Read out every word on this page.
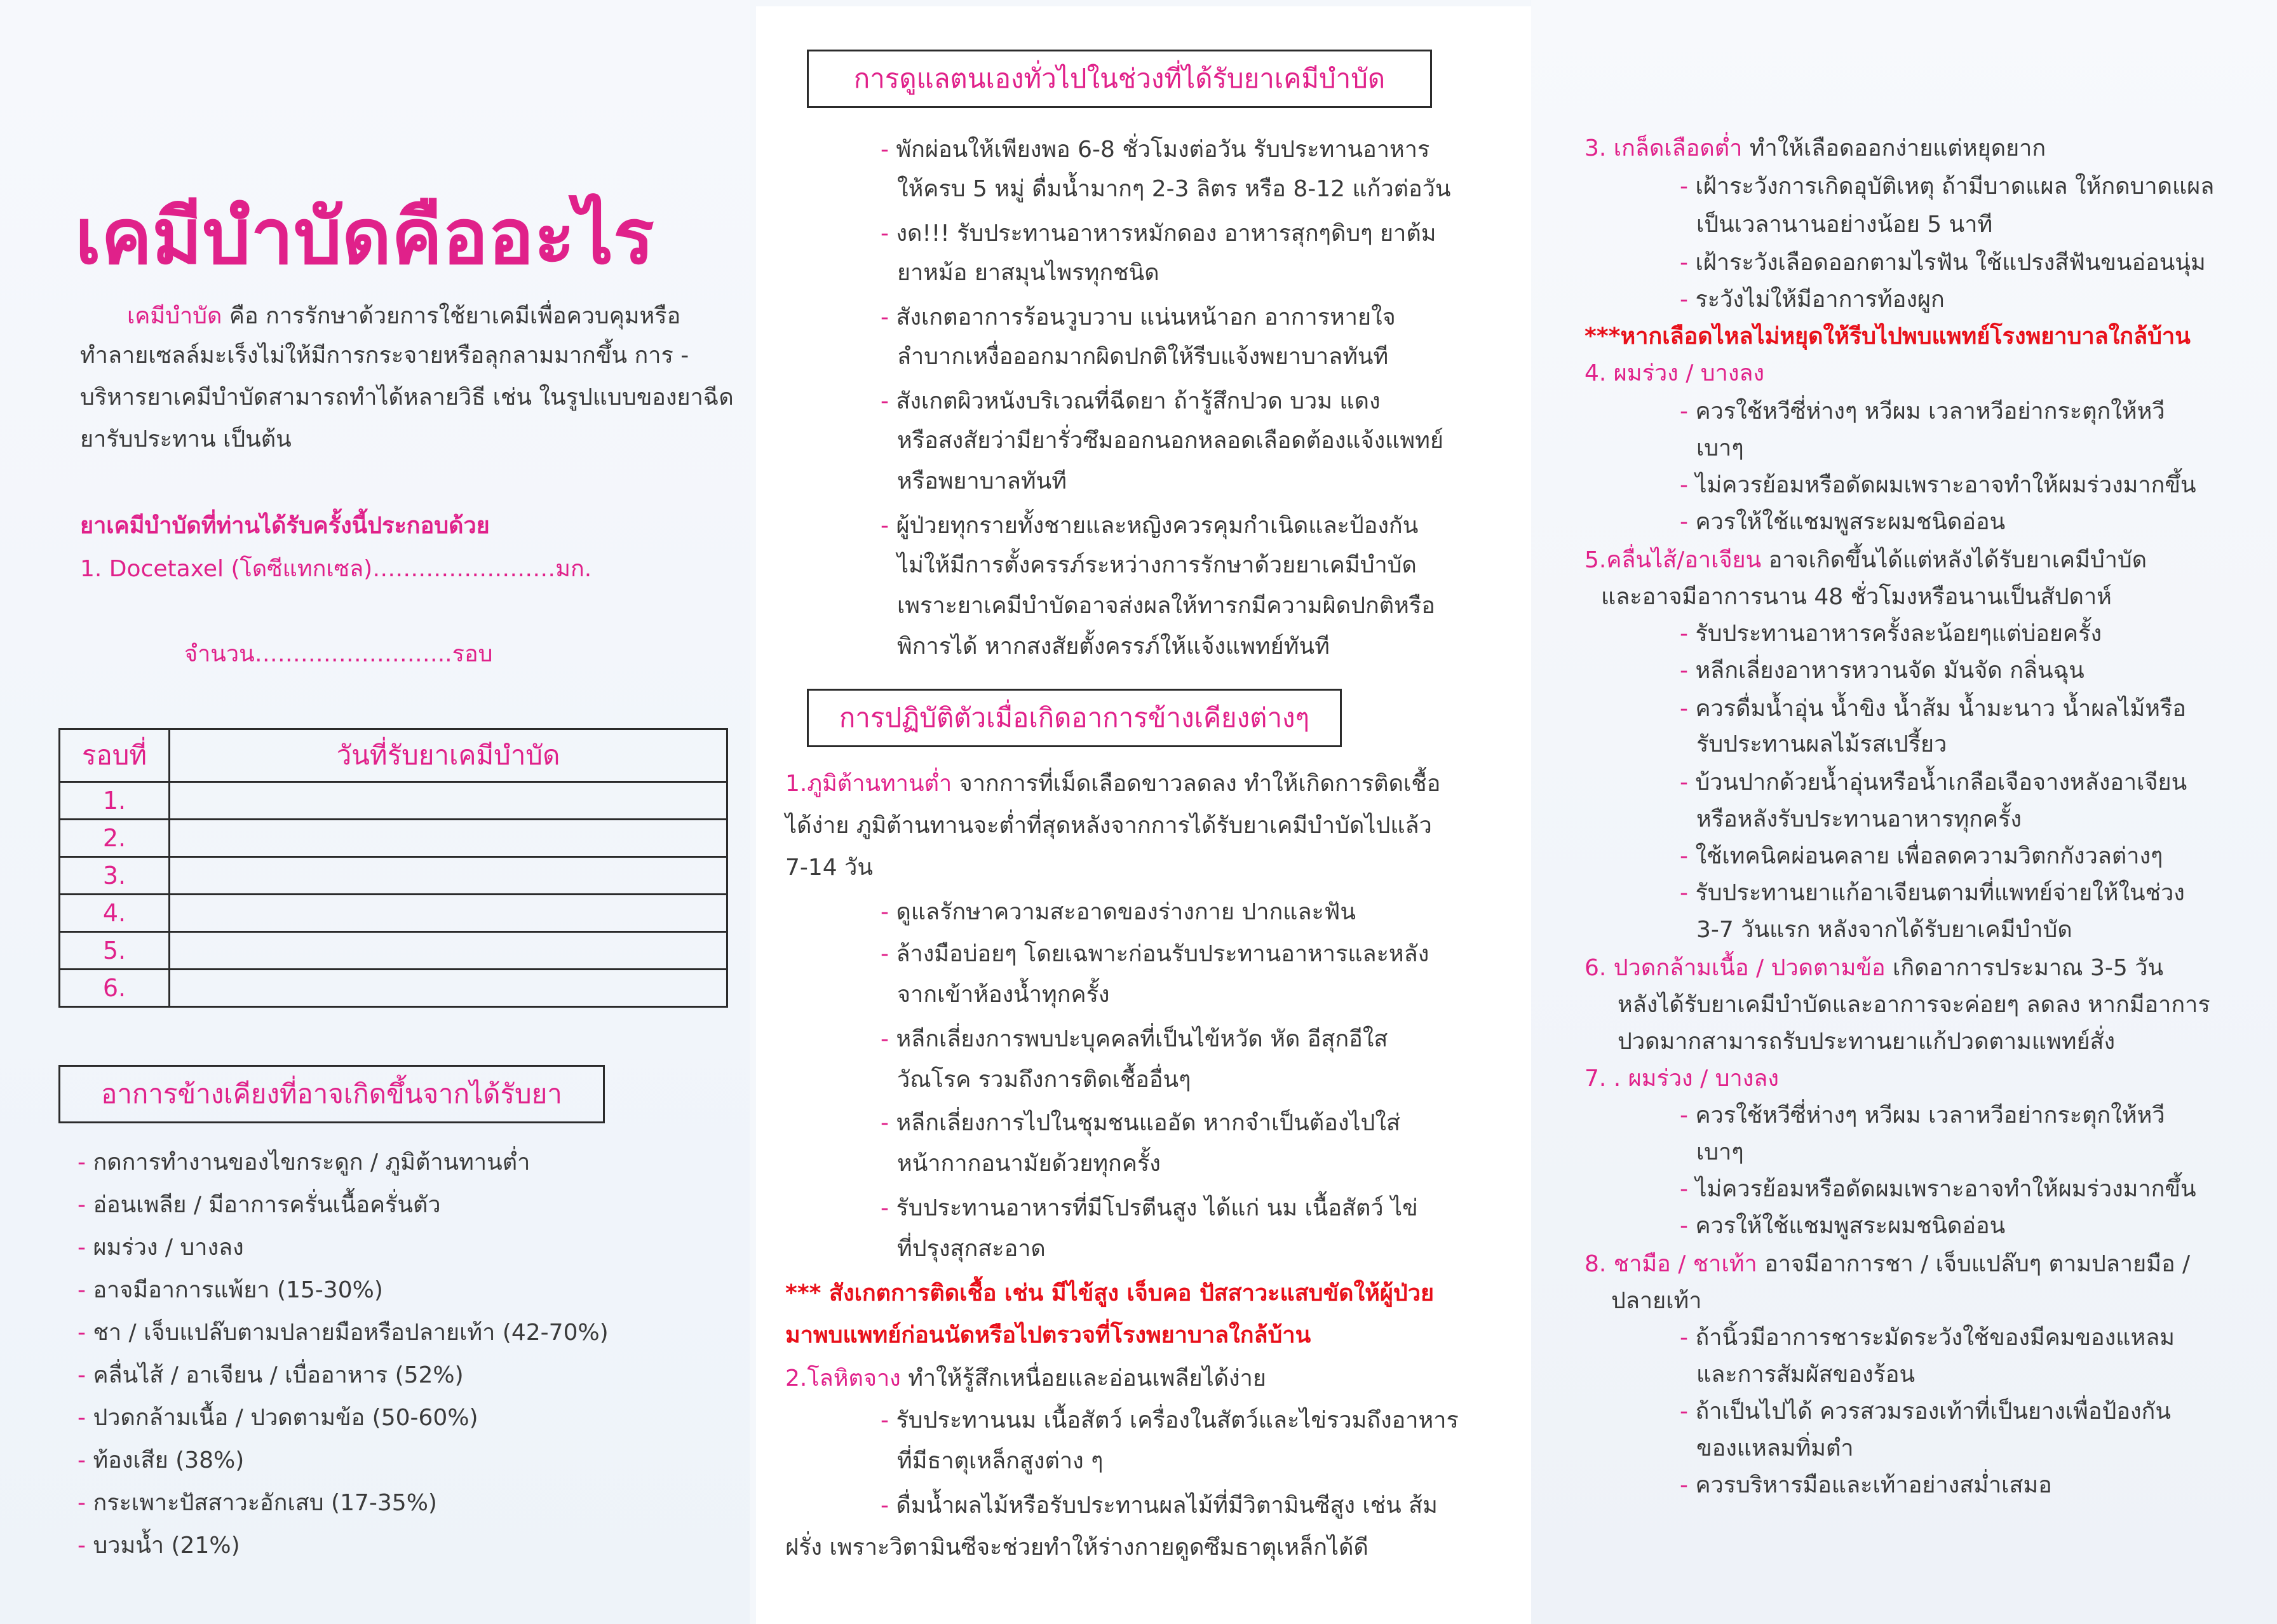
เคมีบำบัดคืออะไร
เคมีบำบัด คือ การรักษาด้วยการใช้ยาเคมีเพื่อควบคุมหรือ
ทำลายเซลล์มะเร็งไม่ให้มีการกระจายหรือลุกลามมากขึ้น การ -
บริหารยาเคมีบำบัดสามารถทำได้หลายวิธี เช่น ในรูปแบบของยาฉีด
ยารับประทาน เป็นต้น
ยาเคมีบำบัดที่ท่านได้รับครั้งนี้ประกอบด้วย
1. Docetaxel (โดซีแทกเซล)……………………มก.
จำนวน……………………..รอบ
รอบที่	วันที่รับยาเคมีบำบัด
1.	
2.	
3.	
4.	
5.	
6.	
อาการข้างเคียงที่อาจเกิดขึ้นจากได้รับยา
- กดการทำงานของไขกระดูก / ภูมิต้านทานต่ำ
- อ่อนเพลีย / มีอาการครั่นเนื้อครั่นตัว
- ผมร่วง / บางลง
- อาจมีอาการแพ้ยา (15-30%)
- ชา / เจ็บแปล๊บตามปลายมือหรือปลายเท้า (42-70%)
- คลื่นไส้ / อาเจียน / เบื่ออาหาร (52%)
- ปวดกล้ามเนื้อ / ปวดตามข้อ (50-60%)
- ท้องเสีย (38%)
- กระเพาะปัสสาวะอักเสบ (17-35%)
- บวมน้ำ (21%)
การดูแลตนเองทั่วไปในช่วงที่ได้รับยาเคมีบำบัด
- พักผ่อนให้เพียงพอ 6-8 ชั่วโมงต่อวัน รับประทานอาหาร
ให้ครบ 5 หมู่ ดื่มน้ำมากๆ 2-3 ลิตร หรือ 8-12 แก้วต่อวัน
- งด!!! รับประทานอาหารหมักดอง อาหารสุกๆดิบๆ ยาต้ม
ยาหม้อ ยาสมุนไพรทุกชนิด
- สังเกตอาการร้อนวูบวาบ แน่นหน้าอก อาการหายใจ
ลำบากเหงื่อออกมากผิดปกติให้รีบแจ้งพยาบาลทันที
- สังเกตผิวหนังบริเวณที่ฉีดยา ถ้ารู้สึกปวด บวม แดง
หรือสงสัยว่ามียารั่วซึมออกนอกหลอดเลือดต้องแจ้งแพทย์
หรือพยาบาลทันที
- ผู้ป่วยทุกรายทั้งชายและหญิงควรคุมกำเนิดและป้องกัน
ไม่ให้มีการตั้งครรภ์ระหว่างการรักษาด้วยยาเคมีบำบัด
เพราะยาเคมีบำบัดอาจส่งผลให้ทารกมีความผิดปกติหรือ
พิการได้ หากสงสัยตั้งครรภ์ให้แจ้งแพทย์ทันที
การปฏิบัติตัวเมื่อเกิดอาการข้างเคียงต่างๆ
1.ภูมิต้านทานต่ำ จากการที่เม็ดเลือดขาวลดลง ทำให้เกิดการติดเชื้อ
ได้ง่าย ภูมิต้านทานจะต่ำที่สุดหลังจากการได้รับยาเคมีบำบัดไปแล้ว
7-14 วัน
- ดูแลรักษาความสะอาดของร่างกาย ปากและฟัน
- ล้างมือบ่อยๆ โดยเฉพาะก่อนรับประทานอาหารและหลัง
จากเข้าห้องน้ำทุกครั้ง
- หลีกเลี่ยงการพบปะบุคคลที่เป็นไข้หวัด หัด อีสุกอีใส
วัณโรค รวมถึงการติดเชื้ออื่นๆ
- หลีกเลี่ยงการไปในชุมชนแออัด หากจำเป็นต้องไปใส่
หน้ากากอนามัยด้วยทุกครั้ง
- รับประทานอาหารที่มีโปรตีนสูง ได้แก่ นม เนื้อสัตว์ ไข่
ที่ปรุงสุกสะอาด
*** สังเกตการติดเชื้อ เช่น มีไข้สูง เจ็บคอ ปัสสาวะแสบขัดให้ผู้ป่วย
มาพบแพทย์ก่อนนัดหรือไปตรวจที่โรงพยาบาลใกล้บ้าน
2.โลหิตจาง ทำให้รู้สึกเหนื่อยและอ่อนเพลียได้ง่าย
- รับประทานนม เนื้อสัตว์ เครื่องในสัตว์และไข่รวมถึงอาหาร
ที่มีธาตุเหล็กสูงต่าง ๆ
- ดื่มน้ำผลไม้หรือรับประทานผลไม้ที่มีวิตามินซีสูง เช่น ส้ม
ฝรั่ง เพราะวิตามินซีจะช่วยทำให้ร่างกายดูดซึมธาตุเหล็กได้ดี
3. เกล็ดเลือดต่ำ ทำให้เลือดออกง่ายแต่หยุดยาก
- เฝ้าระวังการเกิดอุบัติเหตุ ถ้ามีบาดแผล ให้กดบาดแผล
เป็นเวลานานอย่างน้อย 5 นาที
- เฝ้าระวังเลือดออกตามไรฟัน ใช้แปรงสีฟันขนอ่อนนุ่ม
- ระวังไม่ให้มีอาการท้องผูก
***หากเลือดไหลไม่หยุดให้รีบไปพบแพทย์โรงพยาบาลใกล้บ้าน
4. ผมร่วง / บางลง
- ควรใช้หวีซี่ห่างๆ หวีผม เวลาหวีอย่ากระตุกให้หวี
เบาๆ
- ไม่ควรย้อมหรือดัดผมเพราะอาจทำให้ผมร่วงมากขึ้น
- ควรให้ใช้แชมพูสระผมชนิดอ่อน
5.คลื่นไส้/อาเจียน อาจเกิดขึ้นได้แต่หลังได้รับยาเคมีบำบัด
และอาจมีอาการนาน 48 ชั่วโมงหรือนานเป็นสัปดาห์
- รับประทานอาหารครั้งละน้อยๆแต่บ่อยครั้ง
- หลีกเลี่ยงอาหารหวานจัด มันจัด กลิ่นฉุน
- ควรดื่มน้ำอุ่น น้ำขิง น้ำส้ม น้ำมะนาว น้ำผลไม้หรือ
รับประทานผลไม้รสเปรี้ยว
- บ้วนปากด้วยน้ำอุ่นหรือน้ำเกลือเจือจางหลังอาเจียน
หรือหลังรับประทานอาหารทุกครั้ง
- ใช้เทคนิคผ่อนคลาย เพื่อลดความวิตกกังวลต่างๆ
- รับประทานยาแก้อาเจียนตามที่แพทย์จ่ายให้ในช่วง
3-7 วันแรก หลังจากได้รับยาเคมีบำบัด
6. ปวดกล้ามเนื้อ / ปวดตามข้อ เกิดอาการประมาณ 3-5 วัน
หลังได้รับยาเคมีบำบัดและอาการจะค่อยๆ ลดลง หากมีอาการ
ปวดมากสามารถรับประทานยาแก้ปวดตามแพทย์สั่ง
7. . ผมร่วง / บางลง
- ควรใช้หวีซี่ห่างๆ หวีผม เวลาหวีอย่ากระตุกให้หวี
เบาๆ
- ไม่ควรย้อมหรือดัดผมเพราะอาจทำให้ผมร่วงมากขึ้น
- ควรให้ใช้แชมพูสระผมชนิดอ่อน
8. ชามือ / ชาเท้า อาจมีอาการชา / เจ็บแปล๊บๆ ตามปลายมือ /
ปลายเท้า
- ถ้านิ้วมีอาการชาระมัดระวังใช้ของมีคมของแหลม
และการสัมผัสของร้อน
- ถ้าเป็นไปได้ ควรสวมรองเท้าที่เป็นยางเพื่อป้องกัน
ของแหลมทิ่มตำ
- ควรบริหารมือและเท้าอย่างสม่ำเสมอ
